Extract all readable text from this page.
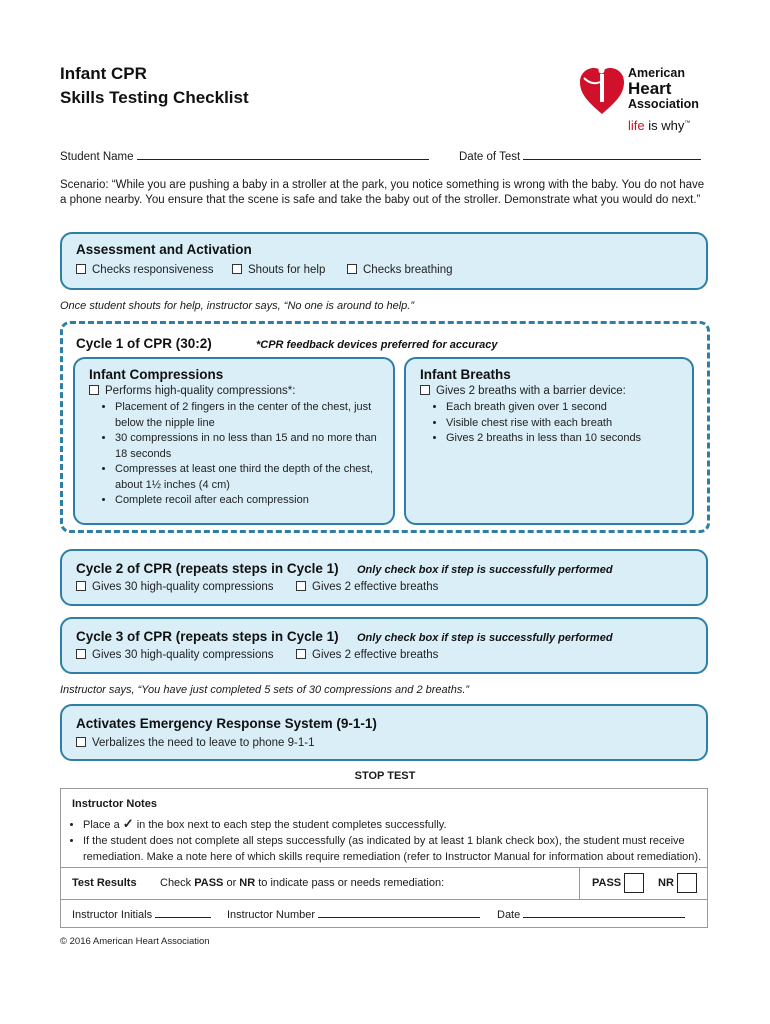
Infant CPR
Skills Testing Checklist
American
Heart
Association
life is why™
Student Name	Date of Test
Scenario: “While you are pushing a baby in a stroller at the park, you notice something is wrong with the baby. You do not have a phone nearby. You ensure that the scene is safe and take the baby out of the stroller. Demonstrate what you would do next.”
Assessment and Activation
Checks responsiveness	Shouts for help	Checks breathing
Once student shouts for help, instructor says, “No one is around to help.”
Cycle 1 of CPR (30:2)	*CPR feedback devices preferred for accuracy
Infant Compressions
Performs high-quality compressions*:
• Placement of 2 fingers in the center of the chest, just below the nipple line
• 30 compressions in no less than 15 and no more than 18 seconds
• Compresses at least one third the depth of the chest, about 1½ inches (4 cm)
• Complete recoil after each compression
Infant Breaths
Gives 2 breaths with a barrier device:
• Each breath given over 1 second
• Visible chest rise with each breath
• Gives 2 breaths in less than 10 seconds
Cycle 2 of CPR (repeats steps in Cycle 1) Only check box if step is successfully performed
Gives 30 high-quality compressions	Gives 2 effective breaths
Cycle 3 of CPR (repeats steps in Cycle 1) Only check box if step is successfully performed
Gives 30 high-quality compressions	Gives 2 effective breaths
Instructor says, “You have just completed 5 sets of 30 compressions and 2 breaths.”
Activates Emergency Response System (9-1-1)
Verbalizes the need to leave to phone 9-1-1
STOP TEST
Instructor Notes
• Place a ✓ in the box next to each step the student completes successfully.
• If the student does not complete all steps successfully (as indicated by at least 1 blank check box), the student must receive remediation. Make a note here of which skills require remediation (refer to Instructor Manual for information about remediation).
Test Results Check PASS or NR to indicate pass or needs remediation:	PASS	NR
Instructor Initials	Instructor Number	Date
© 2016 American Heart Association
